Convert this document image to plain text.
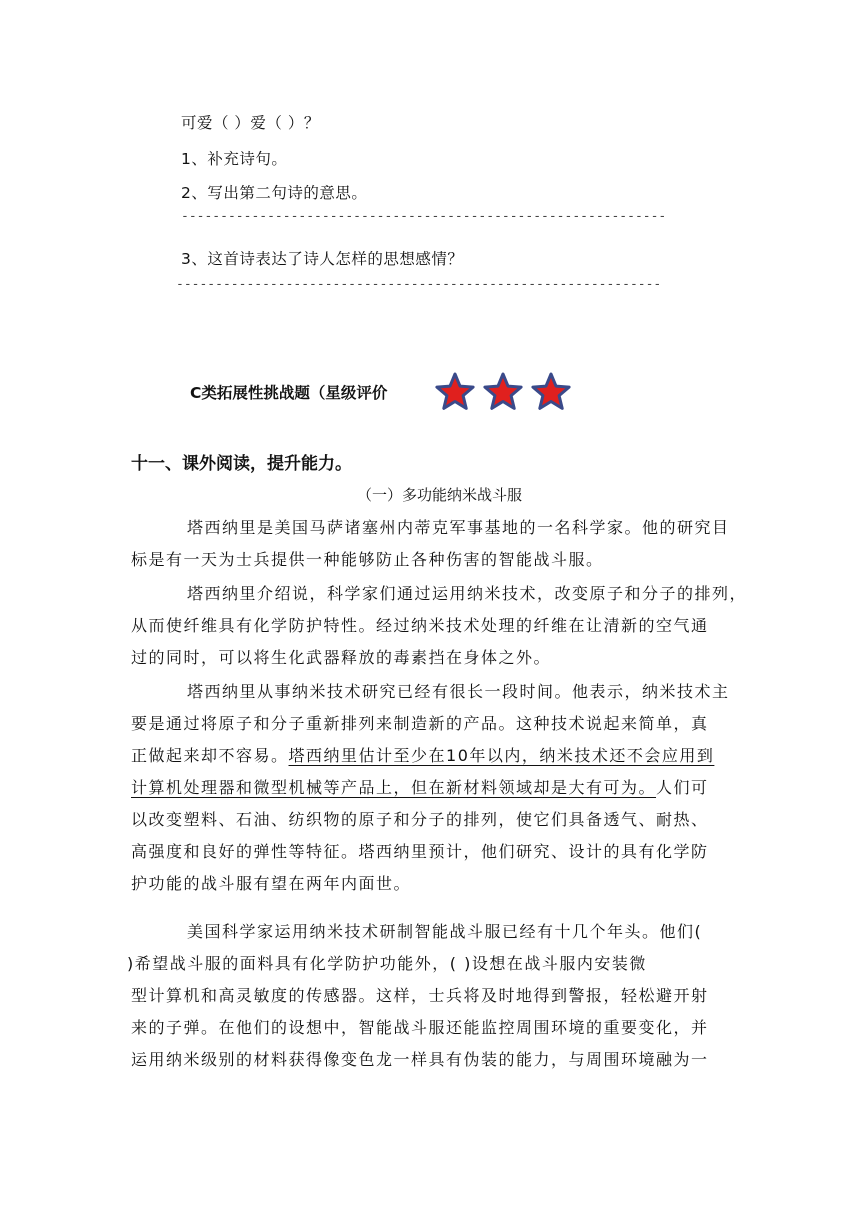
可爱（ ）爱（ ）？
1、补充诗句。
2、写出第二句诗的意思。
--------------------------------------------------------------
3、这首诗表达了诗人怎样的思想感情？
--------------------------------------------------------------
C类拓展性挑战题（星级评价
十一、课外阅读，提升能力。
（一）多功能纳米战斗服
塔西纳里是美国马萨诸塞州内蒂克军事基地的一名科学家。他的研究目
标是有一天为士兵提供一种能够防止各种伤害的智能战斗服。
塔西纳里介绍说，科学家们通过运用纳米技术，改变原子和分子的排列，
从而使纤维具有化学防护特性。经过纳米技术处理的纤维在让清新的空气通
过的同时，可以将生化武器释放的毒素挡在身体之外。
塔西纳里从事纳米技术研究已经有很长一段时间。他表示，纳米技术主
要是通过将原子和分子重新排列来制造新的产品。这种技术说起来简单，真
正做起来却不容易。塔西纳里估计至少在10年以内，纳米技术还不会应用到
计算机处理器和微型机械等产品上，但在新材料领域却是大有可为。人们可
以改变塑料、石油、纺织物的原子和分子的排列，使它们具备透气、耐热、
高强度和良好的弹性等特征。塔西纳里预计，他们研究、设计的具有化学防
护功能的战斗服有望在两年内面世。
美国科学家运用纳米技术研制智能战斗服已经有十几个年头。他们(
)希望战斗服的面料具有化学防护功能外，( )设想在战斗服内安装微
型计算机和高灵敏度的传感器。这样，士兵将及时地得到警报，轻松避开射
来的子弹。在他们的设想中，智能战斗服还能监控周围环境的重要变化，并
运用纳米级别的材料获得像变色龙一样具有伪装的能力，与周围环境融为一
